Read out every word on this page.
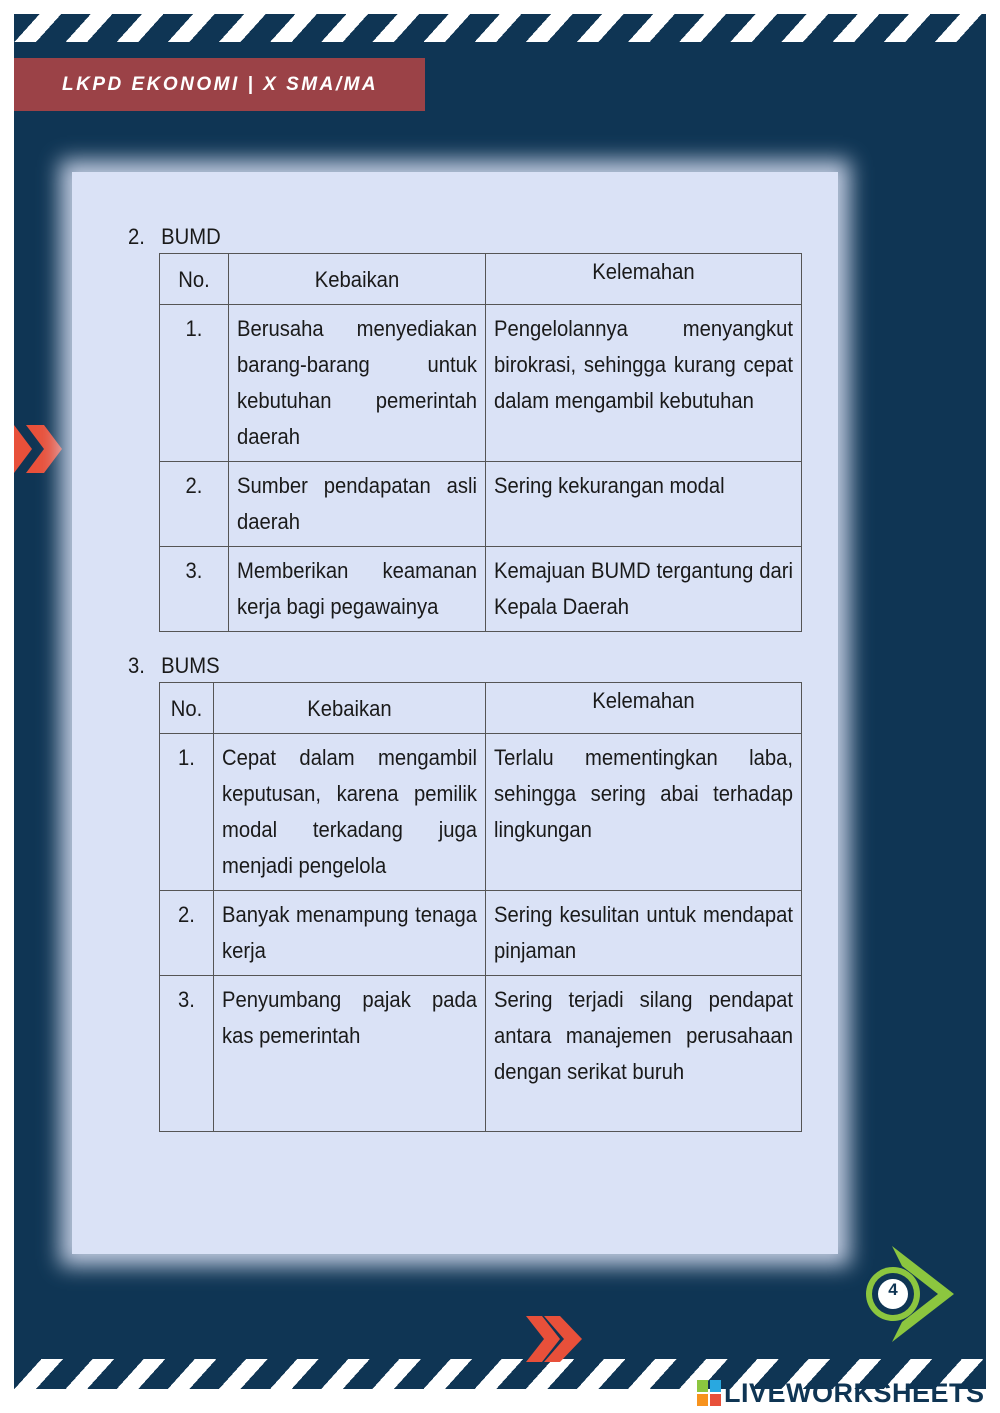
LKPD EKONOMI | X SMA/MA
2. BUMD
No.	Kebaikan	Kelemahan

1.	Berusaha menyediakan barang-barang untuk kebutuhan pemerintah daerah	Pengelolannya menyangkut birokrasi, sehingga kurang cepat dalam mengambil kebutuhan

2.	Sumber pendapatan asli daerah	Sering kekurangan modal

3.	Memberikan keamanan kerja bagi pegawainya	Kemajuan BUMD tergantung dari Kepala Daerah
3. BUMS
No.	Kebaikan	Kelemahan

1.	Cepat dalam mengambil keputusan, karena pemilik modal terkadang juga menjadi pengelola	Terlalu mementingkan laba, sehingga sering abai terhadap lingkungan

2.	Banyak menampung tenaga kerja	Sering kesulitan untuk mendapat pinjaman

3.	Penyumbang pajak pada kas pemerintah	Sering terjadi silang pendapat antara manajemen perusahaan dengan serikat buruh
4
LIVEWORKSHEETS
